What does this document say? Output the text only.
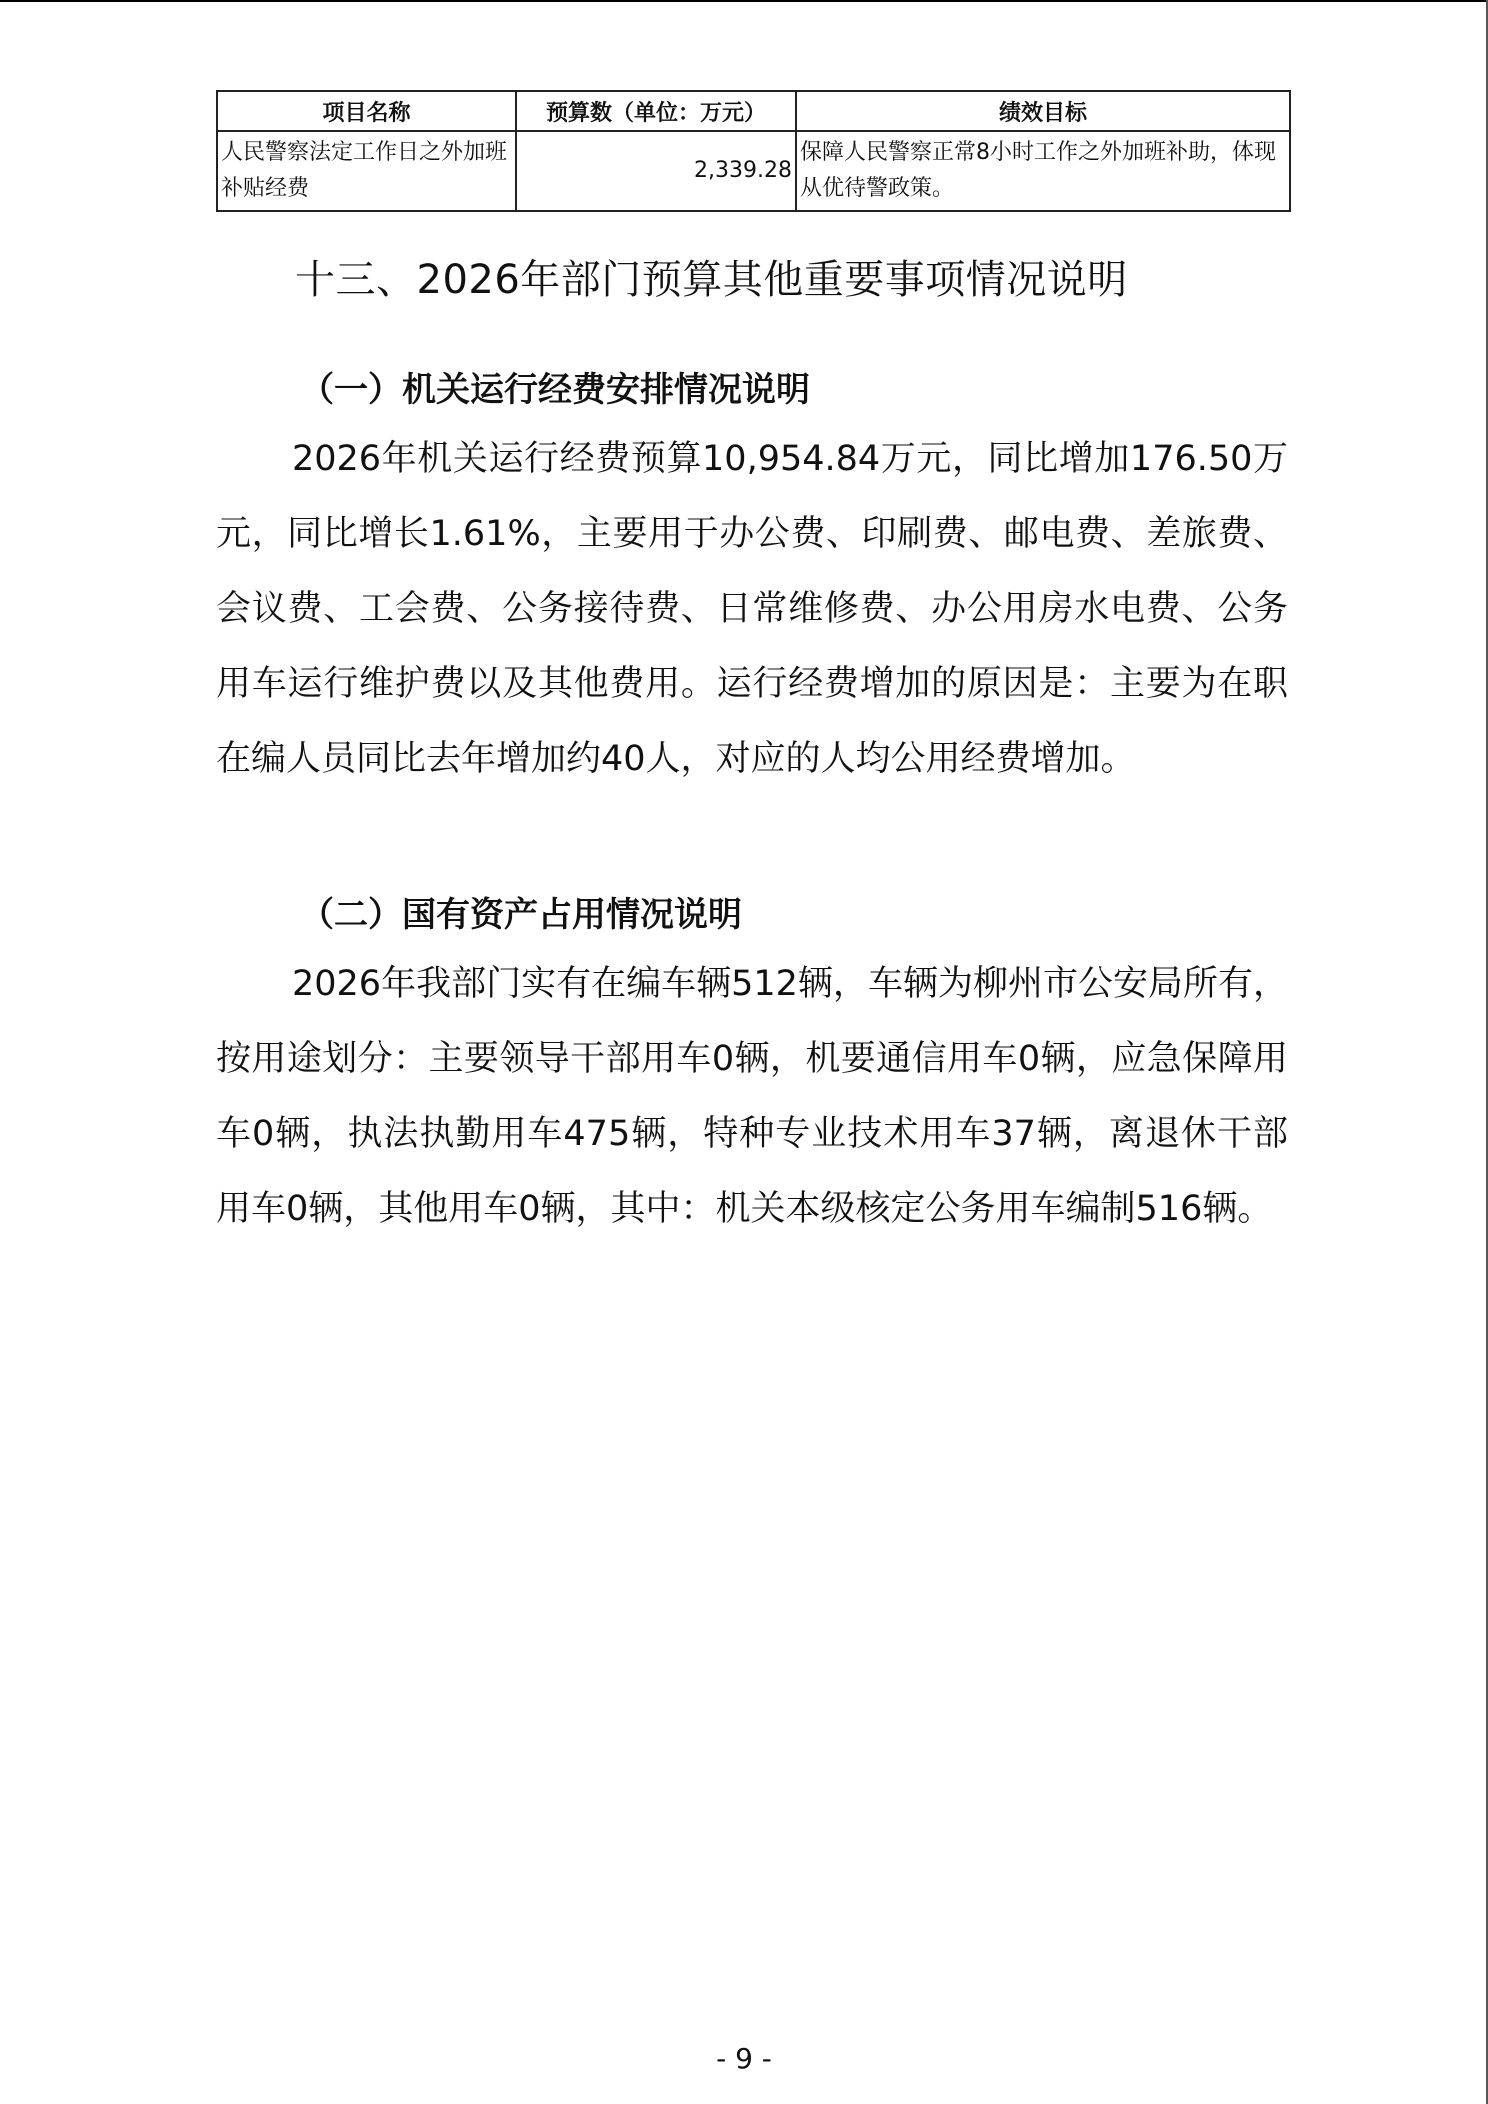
项目名称	预算数（单位：万元）	绩效目标
人民警察法定工作日之外加班补贴经费	2,339.28	保障人民警察正常8小时工作之外加班补助，体现从优待警政策。
十三、2026年部门预算其他重要事项情况说明
（一）机关运行经费安排情况说明

2026年机关运行经费预算10,954.84万元，同比增加176.50万元，同比增长1.61%，主要用于办公费、印刷费、邮电费、差旅费、会议费、工会费、公务接待费、日常维修费、办公用房水电费、公务用车运行维护费以及其他费用。运行经费增加的原因是：主要为在职在编人员同比去年增加约40人，对应的人均公用经费增加。

（二）国有资产占用情况说明

2026年我部门实有在编车辆512辆，车辆为柳州市公安局所有，按用途划分：主要领导干部用车0辆，机要通信用车0辆，应急保障用车0辆，执法执勤用车475辆，特种专业技术用车37辆，离退休干部用车0辆，其他用车0辆，其中：机关本级核定公务用车编制516辆。

- 9 -
